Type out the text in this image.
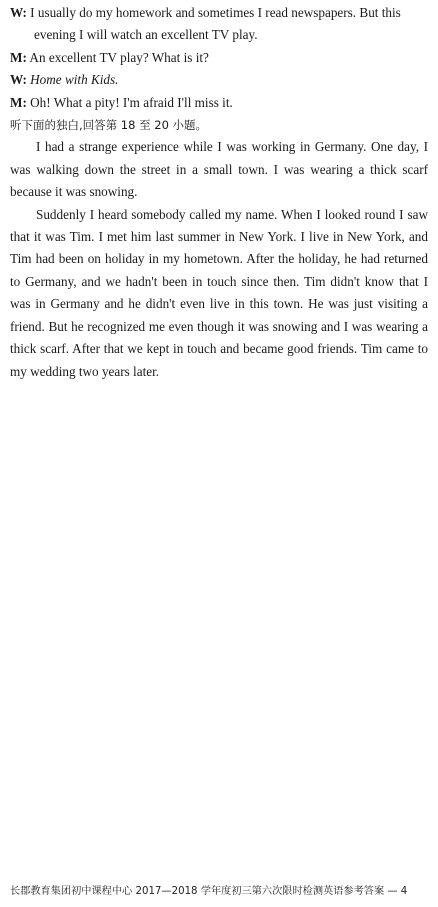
W: I usually do my homework and sometimes I read newspapers. But this

evening I will watch an excellent TV play.

M: An excellent TV play? What is it?

W: Home with Kids.

M: Oh! What a pity! I'm afraid I'll miss it.

听下面的独白,回答第 18 至 20 小题。

I had a strange experience while I was working in Germany. One day, I was walking down the street in a small town. I was wearing a thick scarf because it was snowing.

Suddenly I heard somebody called my name. When I looked round I saw that it was Tim. I met him last summer in New York. I live in New York, and Tim had been on holiday in my hometown. After the holiday, he had returned to Germany, and we hadn't been in touch since then. Tim didn't know that I was in Germany and he didn't even live in this town. He was just visiting a friend. But he recognized me even though it was snowing and I was wearing a thick scarf. After that we kept in touch and became good friends. Tim came to my wedding two years later.

长郡教育集团初中课程中心 2017—2018 学年度初三第六次限时检测英语参考答案 — 4
